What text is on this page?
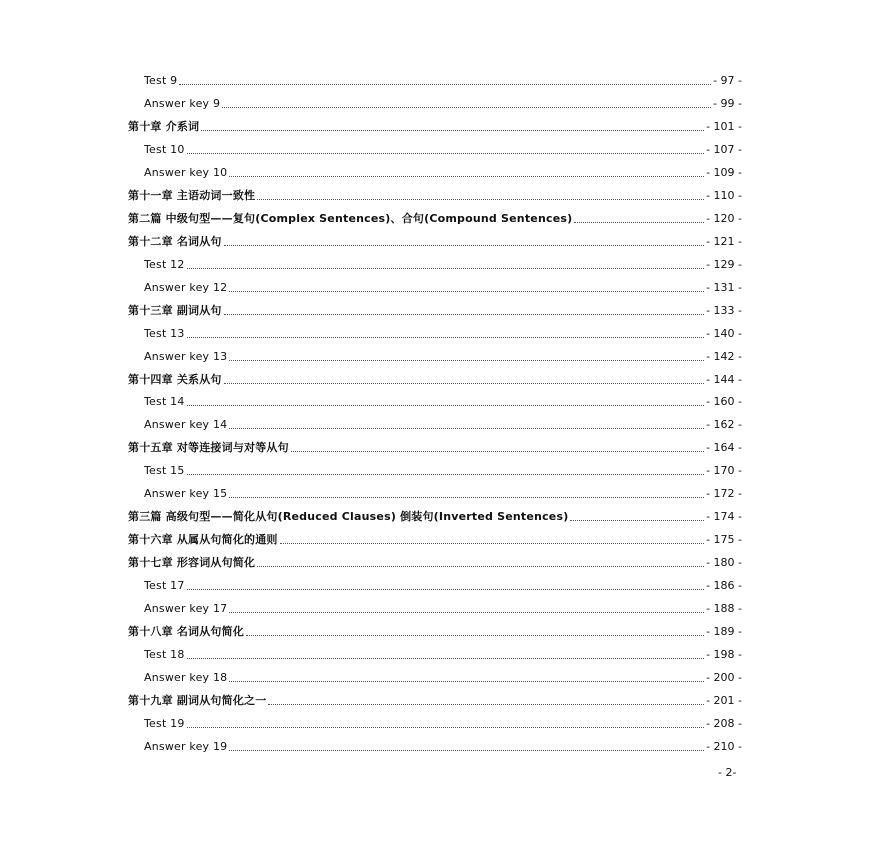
Test 9	- 97 -
Answer key 9	- 99 -
第十章 介系词	- 101 -
Test 10	- 107 -
Answer key 10	- 109 -
第十一章 主语动词一致性	- 110 -
第二篇 中级句型——复句(Complex Sentences)、合句(Compound Sentences)	- 120 -
第十二章 名词从句	- 121 -
Test 12	- 129 -
Answer key 12	- 131 -
第十三章 副词从句	- 133 -
Test 13	- 140 -
Answer key 13	- 142 -
第十四章 关系从句	- 144 -
Test 14	- 160 -
Answer key 14	- 162 -
第十五章 对等连接词与对等从句	- 164 -
Test 15	- 170 -
Answer key 15	- 172 -
第三篇 高级句型——简化从句(Reduced Clauses) 倒装句(Inverted Sentences)	- 174 -
第十六章 从属从句简化的通则	- 175 -
第十七章 形容词从句简化	- 180 -
Test 17	- 186 -
Answer key 17	- 188 -
第十八章 名词从句简化	- 189 -
Test 18	- 198 -
Answer key 18	- 200 -
第十九章 副词从句简化之一	- 201 -
Test 19	- 208 -
Answer key 19	- 210 -
- 2-
